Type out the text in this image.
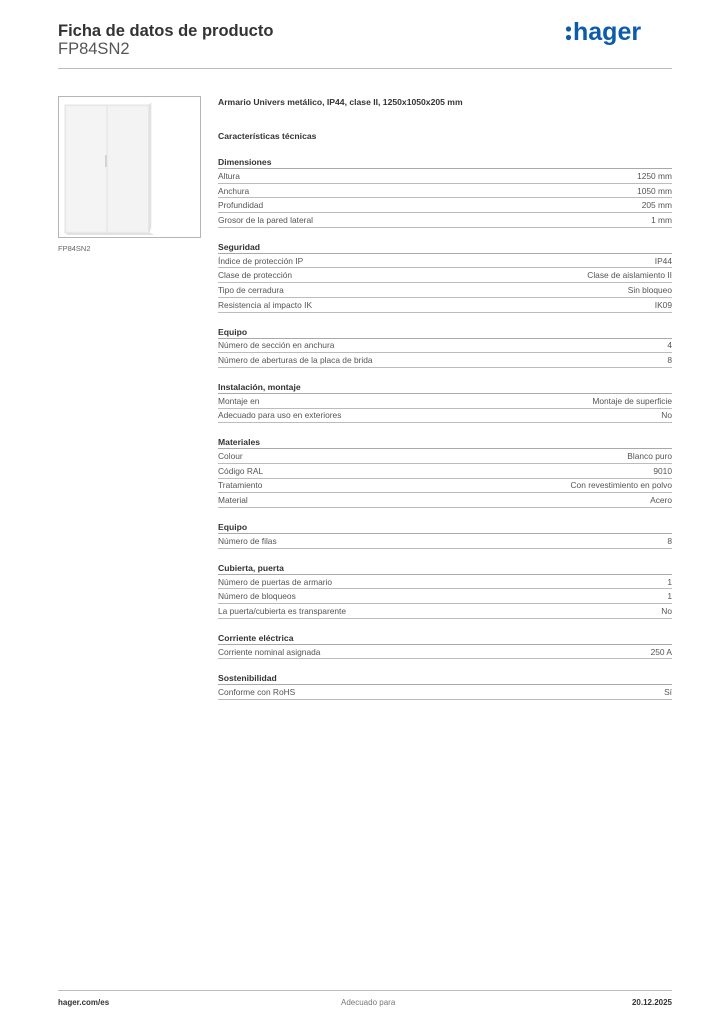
Ficha de datos de producto
FP84SN2
hager
FP84SN2
Armario Univers metálico, IP44, clase II, 1250x1050x205 mm
Características técnicas
Dimensiones
Altura	1250 mm
Anchura	1050 mm
Profundidad	205 mm
Grosor de la pared lateral	1 mm
Seguridad
Índice de protección IP	IP44
Clase de protección	Clase de aislamiento II
Tipo de cerradura	Sin bloqueo
Resistencia al impacto IK	IK09
Equipo
Número de sección en anchura	4
Número de aberturas de la placa de brida	8
Instalación, montaje
Montaje en	Montaje de superficie
Adecuado para uso en exteriores	No
Materiales
Colour	Blanco puro
Código RAL	9010
Tratamiento	Con revestimiento en polvo
Material	Acero
Equipo
Número de filas	8
Cubierta, puerta
Número de puertas de armario	1
Número de bloqueos	1
La puerta/cubierta es transparente	No
Corriente eléctrica
Corriente nominal asignada	250 A
Sostenibilidad
Conforme con RoHS	Sí
hager.com/es	Adecuado para	20.12.2025
